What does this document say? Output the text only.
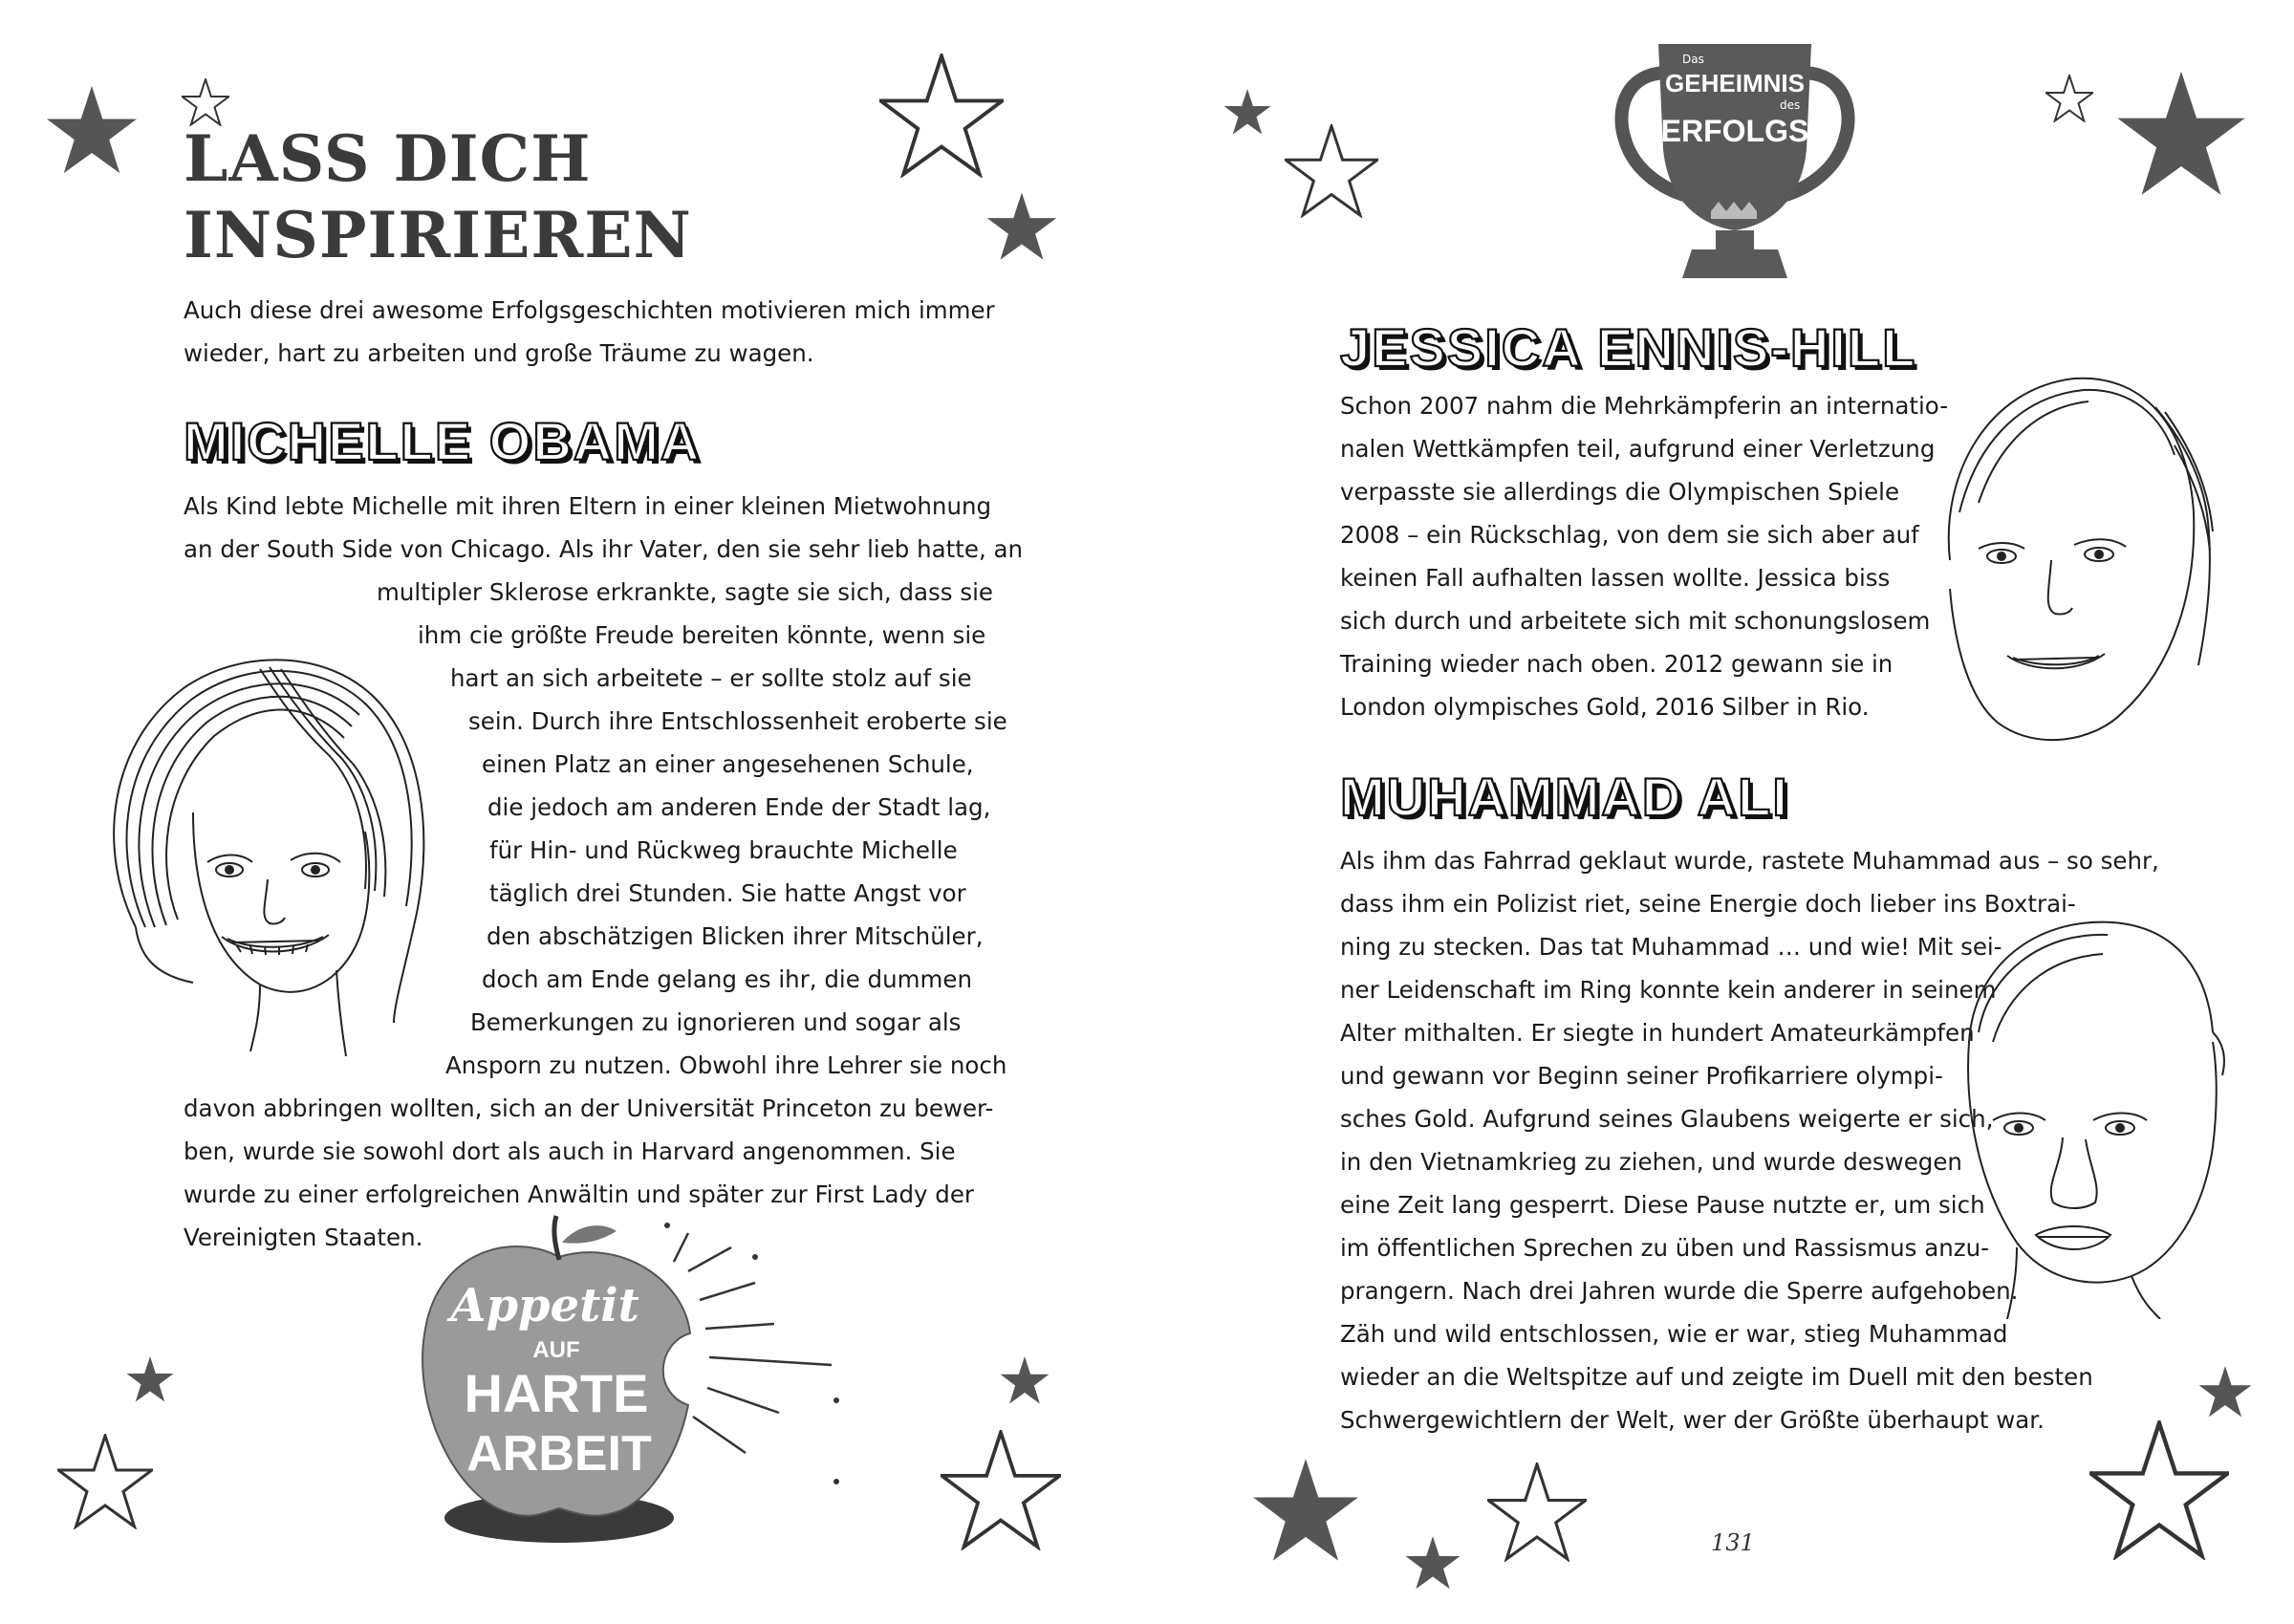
LASS DICH
INSPIRIEREN

Auch diese drei awesome Erfolgsgeschichten motivieren mich immer
wieder, hart zu arbeiten und große Träume zu wagen.

MICHELLE OBAMA
Als Kind lebte Michelle mit ihren Eltern in einer kleinen Mietwohnung
an der South Side von Chicago. Als ihr Vater, den sie sehr lieb hatte, an
multipler Sklerose erkrankte, sagte sie sich, dass sie
ihm cie größte Freude bereiten könnte, wenn sie
hart an sich arbeitete – er sollte stolz auf sie
sein. Durch ihre Entschlossenheit eroberte sie
einen Platz an einer angesehenen Schule,
die jedoch am anderen Ende der Stadt lag,
für Hin- und Rückweg brauchte Michelle
täglich drei Stunden. Sie hatte Angst vor
den abschätzigen Blicken ihrer Mitschüler,
doch am Ende gelang es ihr, die dummen
Bemerkungen zu ignorieren und sogar als
Ansporn zu nutzen. Obwohl ihre Lehrer sie noch
davon abbringen wollten, sich an der Universität Princeton zu bewer-
ben, wurde sie sowohl dort als auch in Harvard angenommen. Sie
wurde zu einer erfolgreichen Anwältin und später zur First Lady der
Vereinigten Staaten.
Appetit
AUF
HARTE
ARBEIT
Das
GEHEIMNIS
des
ERFOLGS
JESSICA ENNIS-HILL
Schon 2007 nahm die Mehrkämpferin an internatio-
nalen Wettkämpfen teil, aufgrund einer Verletzung
verpasste sie allerdings die Olympischen Spiele
2008 – ein Rückschlag, von dem sie sich aber auf
keinen Fall aufhalten lassen wollte. Jessica biss
sich durch und arbeitete sich mit schonungslosem
Training wieder nach oben. 2012 gewann sie in
London olympisches Gold, 2016 Silber in Rio.
MUHAMMAD ALI
Als ihm das Fahrrad geklaut wurde, rastete Muhammad aus – so sehr,
dass ihm ein Polizist riet, seine Energie doch lieber ins Boxtrai-
ning zu stecken. Das tat Muhammad … und wie! Mit sei-
ner Leidenschaft im Ring konnte kein anderer in seinem
Alter mithalten. Er siegte in hundert Amateurkämpfen
und gewann vor Beginn seiner Profikarriere olympi-
sches Gold. Aufgrund seines Glaubens weigerte er sich,
in den Vietnamkrieg zu ziehen, und wurde deswegen
eine Zeit lang gesperrt. Diese Pause nutzte er, um sich
im öffentlichen Sprechen zu üben und Rassismus anzu-
prangern. Nach drei Jahren wurde die Sperre aufgehoben.
Zäh und wild entschlossen, wie er war, stieg Muhammad
wieder an die Weltspitze auf und zeigte im Duell mit den besten
Schwergewichtlern der Welt, wer der Größte überhaupt war.
131
